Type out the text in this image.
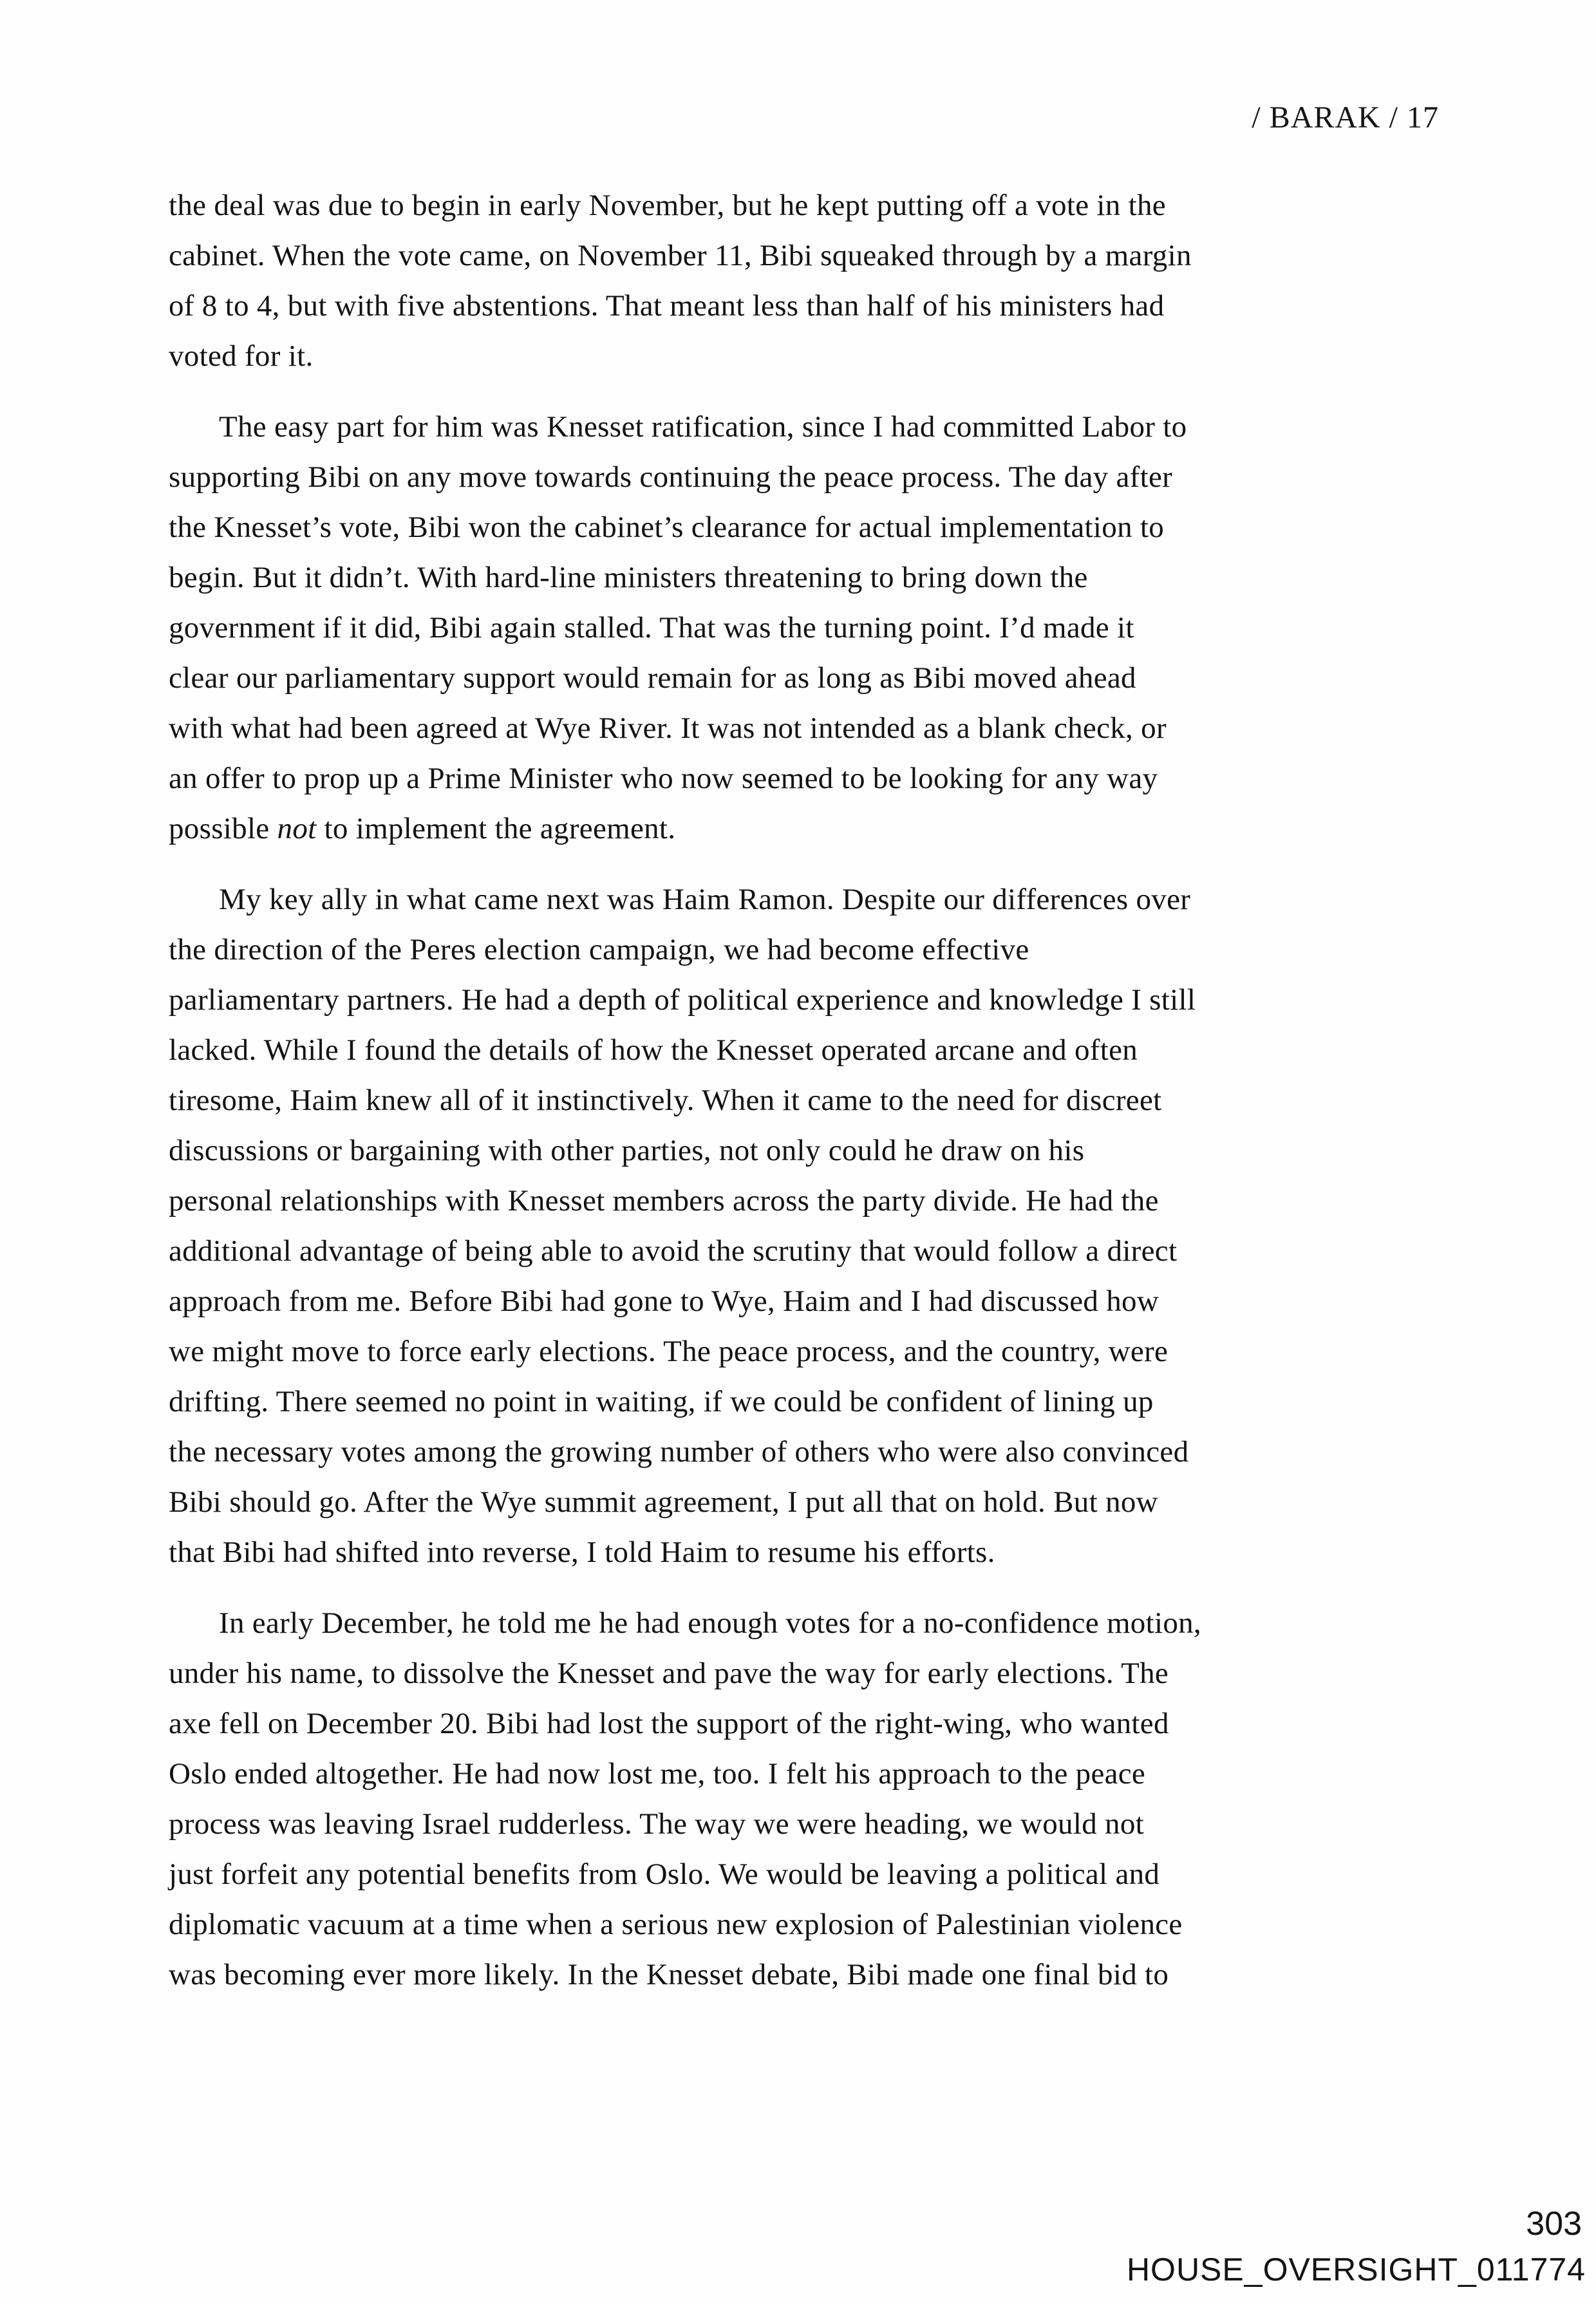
/ BARAK / 17
the deal was due to begin in early November, but he kept putting off a vote in the
cabinet. When the vote came, on November 11, Bibi squeaked through by a margin
of 8 to 4, but with five abstentions. That meant less than half of his ministers had
voted for it.
The easy part for him was Knesset ratification, since I had committed Labor to
supporting Bibi on any move towards continuing the peace process. The day after
the Knesset’s vote, Bibi won the cabinet’s clearance for actual implementation to
begin. But it didn’t. With hard-line ministers threatening to bring down the
government if it did, Bibi again stalled. That was the turning point. I’d made it
clear our parliamentary support would remain for as long as Bibi moved ahead
with what had been agreed at Wye River. It was not intended as a blank check, or
an offer to prop up a Prime Minister who now seemed to be looking for any way
possible not to implement the agreement.
My key ally in what came next was Haim Ramon. Despite our differences over
the direction of the Peres election campaign, we had become effective
parliamentary partners. He had a depth of political experience and knowledge I still
lacked. While I found the details of how the Knesset operated arcane and often
tiresome, Haim knew all of it instinctively. When it came to the need for discreet
discussions or bargaining with other parties, not only could he draw on his
personal relationships with Knesset members across the party divide. He had the
additional advantage of being able to avoid the scrutiny that would follow a direct
approach from me. Before Bibi had gone to Wye, Haim and I had discussed how
we might move to force early elections. The peace process, and the country, were
drifting. There seemed no point in waiting, if we could be confident of lining up
the necessary votes among the growing number of others who were also convinced
Bibi should go. After the Wye summit agreement, I put all that on hold. But now
that Bibi had shifted into reverse, I told Haim to resume his efforts.
In early December, he told me he had enough votes for a no-confidence motion,
under his name, to dissolve the Knesset and pave the way for early elections. The
axe fell on December 20. Bibi had lost the support of the right-wing, who wanted
Oslo ended altogether. He had now lost me, too. I felt his approach to the peace
process was leaving Israel rudderless. The way we were heading, we would not
just forfeit any potential benefits from Oslo. We would be leaving a political and
diplomatic vacuum at a time when a serious new explosion of Palestinian violence
was becoming ever more likely. In the Knesset debate, Bibi made one final bid to
303
HOUSE_OVERSIGHT_011774
